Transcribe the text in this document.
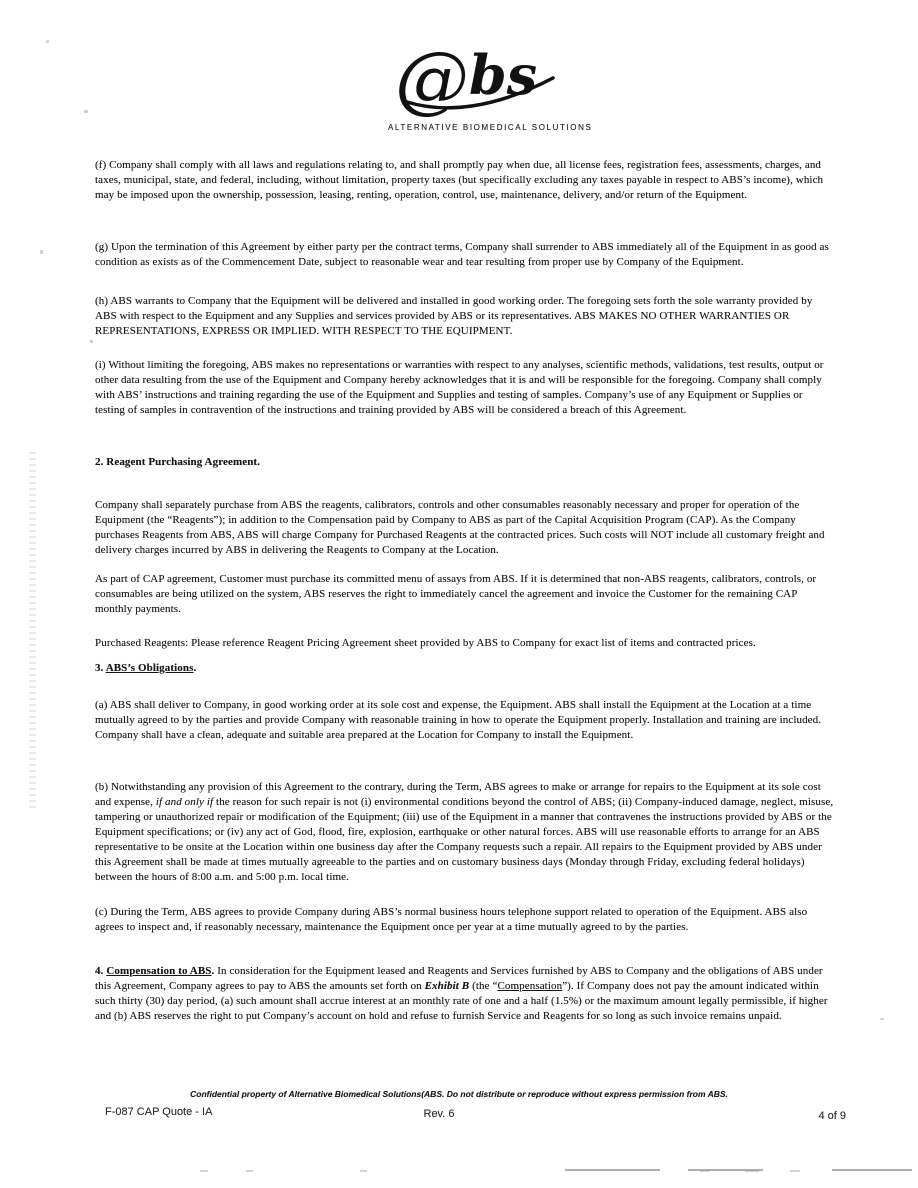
@ bs
ALTERNATIVE BIOMEDICAL SOLUTIONS
(f) Company shall comply with all laws and regulations relating to, and shall promptly pay when due, all license fees, registration fees, assessments, charges, and taxes, municipal, state, and federal, including, without limitation, property taxes (but specifically excluding any taxes payable in respect to ABS’s income), which may be imposed upon the ownership, possession, leasing, renting, operation, control, use, maintenance, delivery, and/or return of the Equipment.
(g) Upon the termination of this Agreement by either party per the contract terms, Company shall surrender to ABS immediately all of the Equipment in as good as condition as exists as of the Commencement Date, subject to reasonable wear and tear resulting from proper use by Company of the Equipment.
(h) ABS warrants to Company that the Equipment will be delivered and installed in good working order. The foregoing sets forth the sole warranty provided by ABS with respect to the Equipment and any Supplies and services provided by ABS or its representatives. ABS MAKES NO OTHER WARRANTIES OR REPRESENTATIONS, EXPRESS OR IMPLIED. WITH RESPECT TO THE EQUIPMENT.
(i) Without limiting the foregoing, ABS makes no representations or warranties with respect to any analyses, scientific methods, validations, test results, output or other data resulting from the use of the Equipment and Company hereby acknowledges that it is and will be responsible for the foregoing. Company shall comply with ABS’ instructions and training regarding the use of the Equipment and Supplies and testing of samples. Company’s use of any Equipment or Supplies or testing of samples in contravention of the instructions and training provided by ABS will be considered a breach of this Agreement.
2. Reagent Purchasing Agreement.
Company shall separately purchase from ABS the reagents, calibrators, controls and other consumables reasonably necessary and proper for operation of the Equipment (the “Reagents”); in addition to the Compensation paid by Company to ABS as part of the Capital Acquisition Program (CAP). As the Company purchases Reagents from ABS, ABS will charge Company for Purchased Reagents at the contracted prices. Such costs will NOT include all customary freight and delivery charges incurred by ABS in delivering the Reagents to Company at the Location.
As part of CAP agreement, Customer must purchase its committed menu of assays from ABS. If it is determined that non-ABS reagents, calibrators, controls, or consumables are being utilized on the system, ABS reserves the right to immediately cancel the agreement and invoice the Customer for the remaining CAP monthly payments.
Purchased Reagents: Please reference Reagent Pricing Agreement sheet provided by ABS to Company for exact list of items and contracted prices.
3. ABS’s Obligations.
(a) ABS shall deliver to Company, in good working order at its sole cost and expense, the Equipment. ABS shall install the Equipment at the Location at a time mutually agreed to by the parties and provide Company with reasonable training in how to operate the Equipment properly. Installation and training are included. Company shall have a clean, adequate and suitable area prepared at the Location for Company to install the Equipment.
(b) Notwithstanding any provision of this Agreement to the contrary, during the Term, ABS agrees to make or arrange for repairs to the Equipment at its sole cost and expense, if and only if the reason for such repair is not (i) environmental conditions beyond the control of ABS; (ii) Company-induced damage, neglect, misuse, tampering or unauthorized repair or modification of the Equipment; (iii) use of the Equipment in a manner that contravenes the instructions provided by ABS or the Equipment specifications; or (iv) any act of God, flood, fire, explosion, earthquake or other natural forces. ABS will use reasonable efforts to arrange for an ABS representative to be onsite at the Location within one business day after the Company requests such a repair. All repairs to the Equipment provided by ABS under this Agreement shall be made at times mutually agreeable to the parties and on customary business days (Monday through Friday, excluding federal holidays) between the hours of 8:00 a.m. and 5:00 p.m. local time.
(c) During the Term, ABS agrees to provide Company during ABS’s normal business hours telephone support related to operation of the Equipment. ABS also agrees to inspect and, if reasonably necessary, maintenance the Equipment once per year at a time mutually agreed to by the parties.
4. Compensation to ABS. In consideration for the Equipment leased and Reagents and Services furnished by ABS to Company and the obligations of ABS under this Agreement, Company agrees to pay to ABS the amounts set forth on Exhibit B (the “Compensation”). If Company does not pay the amount indicated within such thirty (30) day period, (a) such amount shall accrue interest at an monthly rate of one and a half (1.5%) or the maximum amount legally permissible, if higher and (b) ABS reserves the right to put Company’s account on hold and refuse to furnish Service and Reagents for so long as such invoice remains unpaid.
Confidential property of Alternative Biomedical Solutions(ABS. Do not distribute or reproduce without express permission from ABS.
F-087 CAP Quote - IA	Rev. 6	4 of 9
